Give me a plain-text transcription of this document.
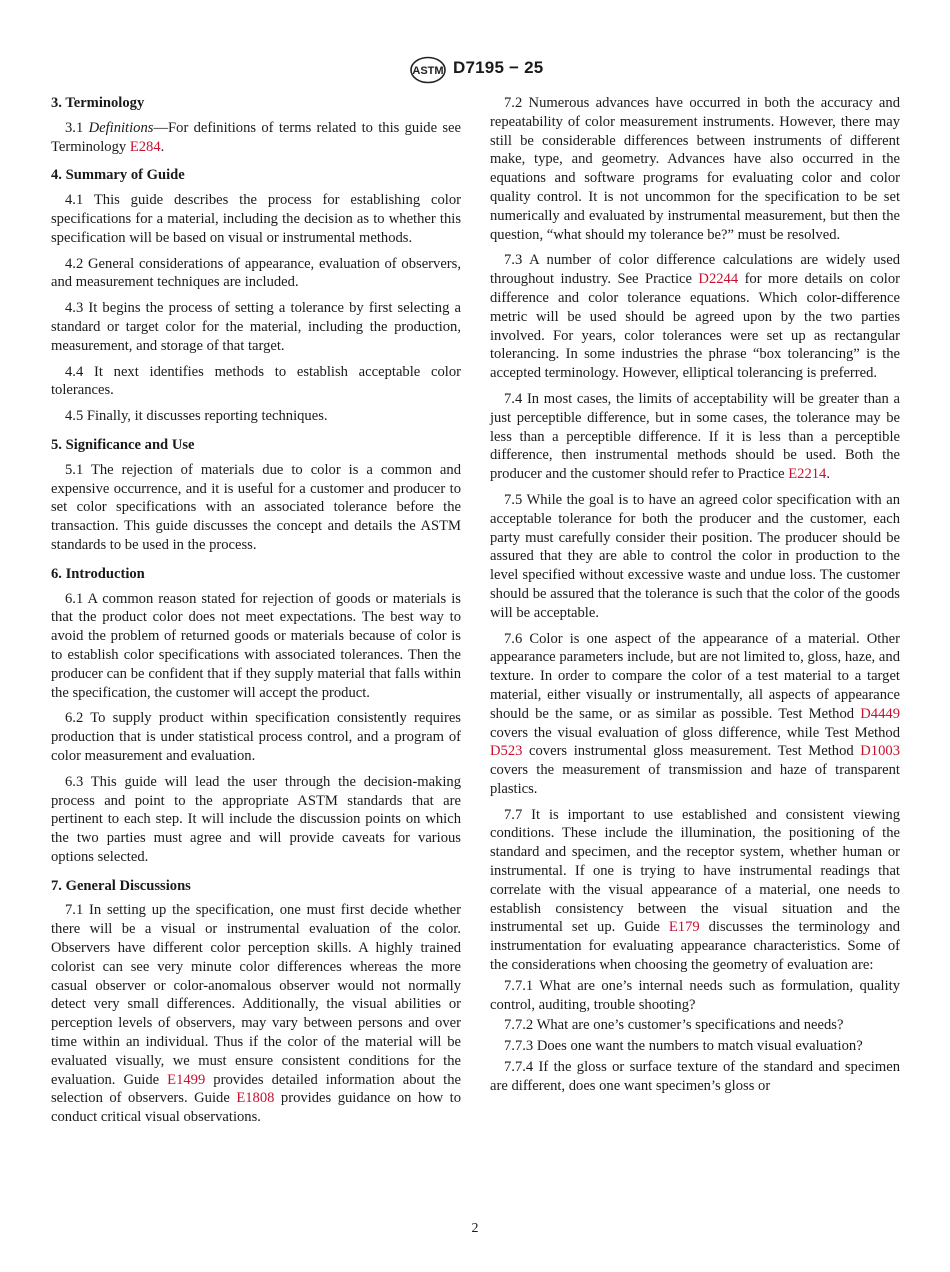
ASTM D7195 − 25
3. Terminology

3.1 Definitions—For definitions of terms related to this guide see Terminology E284.

4. Summary of Guide

4.1 This guide describes the process for establishing color specifications for a material, including the decision as to whether this specification will be based on visual or instrumental methods.

4.2 General considerations of appearance, evaluation of observers, and measurement techniques are included.

4.3 It begins the process of setting a tolerance by first selecting a standard or target color for the material, including the production, measurement, and storage of that target.

4.4 It next identifies methods to establish acceptable color tolerances.

4.5 Finally, it discusses reporting techniques.

5. Significance and Use

5.1 The rejection of materials due to color is a common and expensive occurrence, and it is useful for a customer and producer to set color specifications with an associated tolerance before the transaction. This guide discusses the concept and details the ASTM standards to be used in the process.

6. Introduction

6.1 A common reason stated for rejection of goods or materials is that the product color does not meet expectations. The best way to avoid the problem of returned goods or materials because of color is to establish color specifications with associated tolerances. Then the producer can be confident that if they supply material that falls within the specification, the customer will accept the product.

6.2 To supply product within specification consistently requires production that is under statistical process control, and a program of color measurement and evaluation.

6.3 This guide will lead the user through the decision-making process and point to the appropriate ASTM standards that are pertinent to each step. It will include the discussion points on which the two parties must agree and will provide caveats for various options selected.

7. General Discussions

7.1 In setting up the specification, one must first decide whether there will be a visual or instrumental evaluation of the color. Observers have different color perception skills. A highly trained colorist can see very minute color differences whereas the more casual observer or color-anomalous observer would not normally detect very small differences. Additionally, the visual abilities or perception levels of observers, may vary between persons and over time within an individual. Thus if the color of the material will be evaluated visually, we must ensure consistent conditions for the evaluation. Guide E1499 provides detailed information about the selection of observers. Guide E1808 provides guidance on how to conduct critical visual observations.

7.2 Numerous advances have occurred in both the accuracy and repeatability of color measurement instruments. However, there may still be considerable differences between instruments of different make, type, and geometry. Advances have also occurred in the equations and software programs for evaluating color and color quality control. It is not uncommon for the specification to be set numerically and evaluated by instrumental measurement, but then the question, “what should my tolerance be?” must be resolved.

7.3 A number of color difference calculations are widely used throughout industry. See Practice D2244 for more details on color difference and color tolerance equations. Which color-difference metric will be used should be agreed upon by the two parties involved. For years, color tolerances were set up as rectangular tolerancing. In some industries the phrase “box tolerancing” is the accepted terminology. However, elliptical tolerancing is preferred.

7.4 In most cases, the limits of acceptability will be greater than a just perceptible difference, but in some cases, the tolerance may be less than a perceptible difference. If it is less than a perceptible difference, then instrumental methods should be used. Both the producer and the customer should refer to Practice E2214.

7.5 While the goal is to have an agreed color specification with an acceptable tolerance for both the producer and the customer, each party must carefully consider their position. The producer should be assured that they are able to control the color in production to the level specified without excessive waste and undue loss. The customer should be assured that the tolerance is such that the color of the goods will be acceptable.

7.6 Color is one aspect of the appearance of a material. Other appearance parameters include, but are not limited to, gloss, haze, and texture. In order to compare the color of a test material to a target material, either visually or instrumentally, all aspects of appearance should be the same, or as similar as possible. Test Method D4449 covers the visual evaluation of gloss difference, while Test Method D523 covers instrumental gloss measurement. Test Method D1003 covers the measurement of transmission and haze of transparent plastics.

7.7 It is important to use established and consistent viewing conditions. These include the illumination, the positioning of the standard and specimen, and the receptor system, whether human or instrumental. If one is trying to have instrumental readings that correlate with the visual appearance of a material, one needs to establish consistency between the visual situation and the instrumental set up. Guide E179 discusses the terminology and instrumentation for evaluating appearance characteristics. Some of the considerations when choosing the geometry of evaluation are:

7.7.1 What are one’s internal needs such as formulation, quality control, auditing, trouble shooting?

7.7.2 What are one’s customer’s specifications and needs?

7.7.3 Does one want the numbers to match visual evaluation?

7.7.4 If the gloss or surface texture of the standard and specimen are different, does one want specimen’s gloss or

2
